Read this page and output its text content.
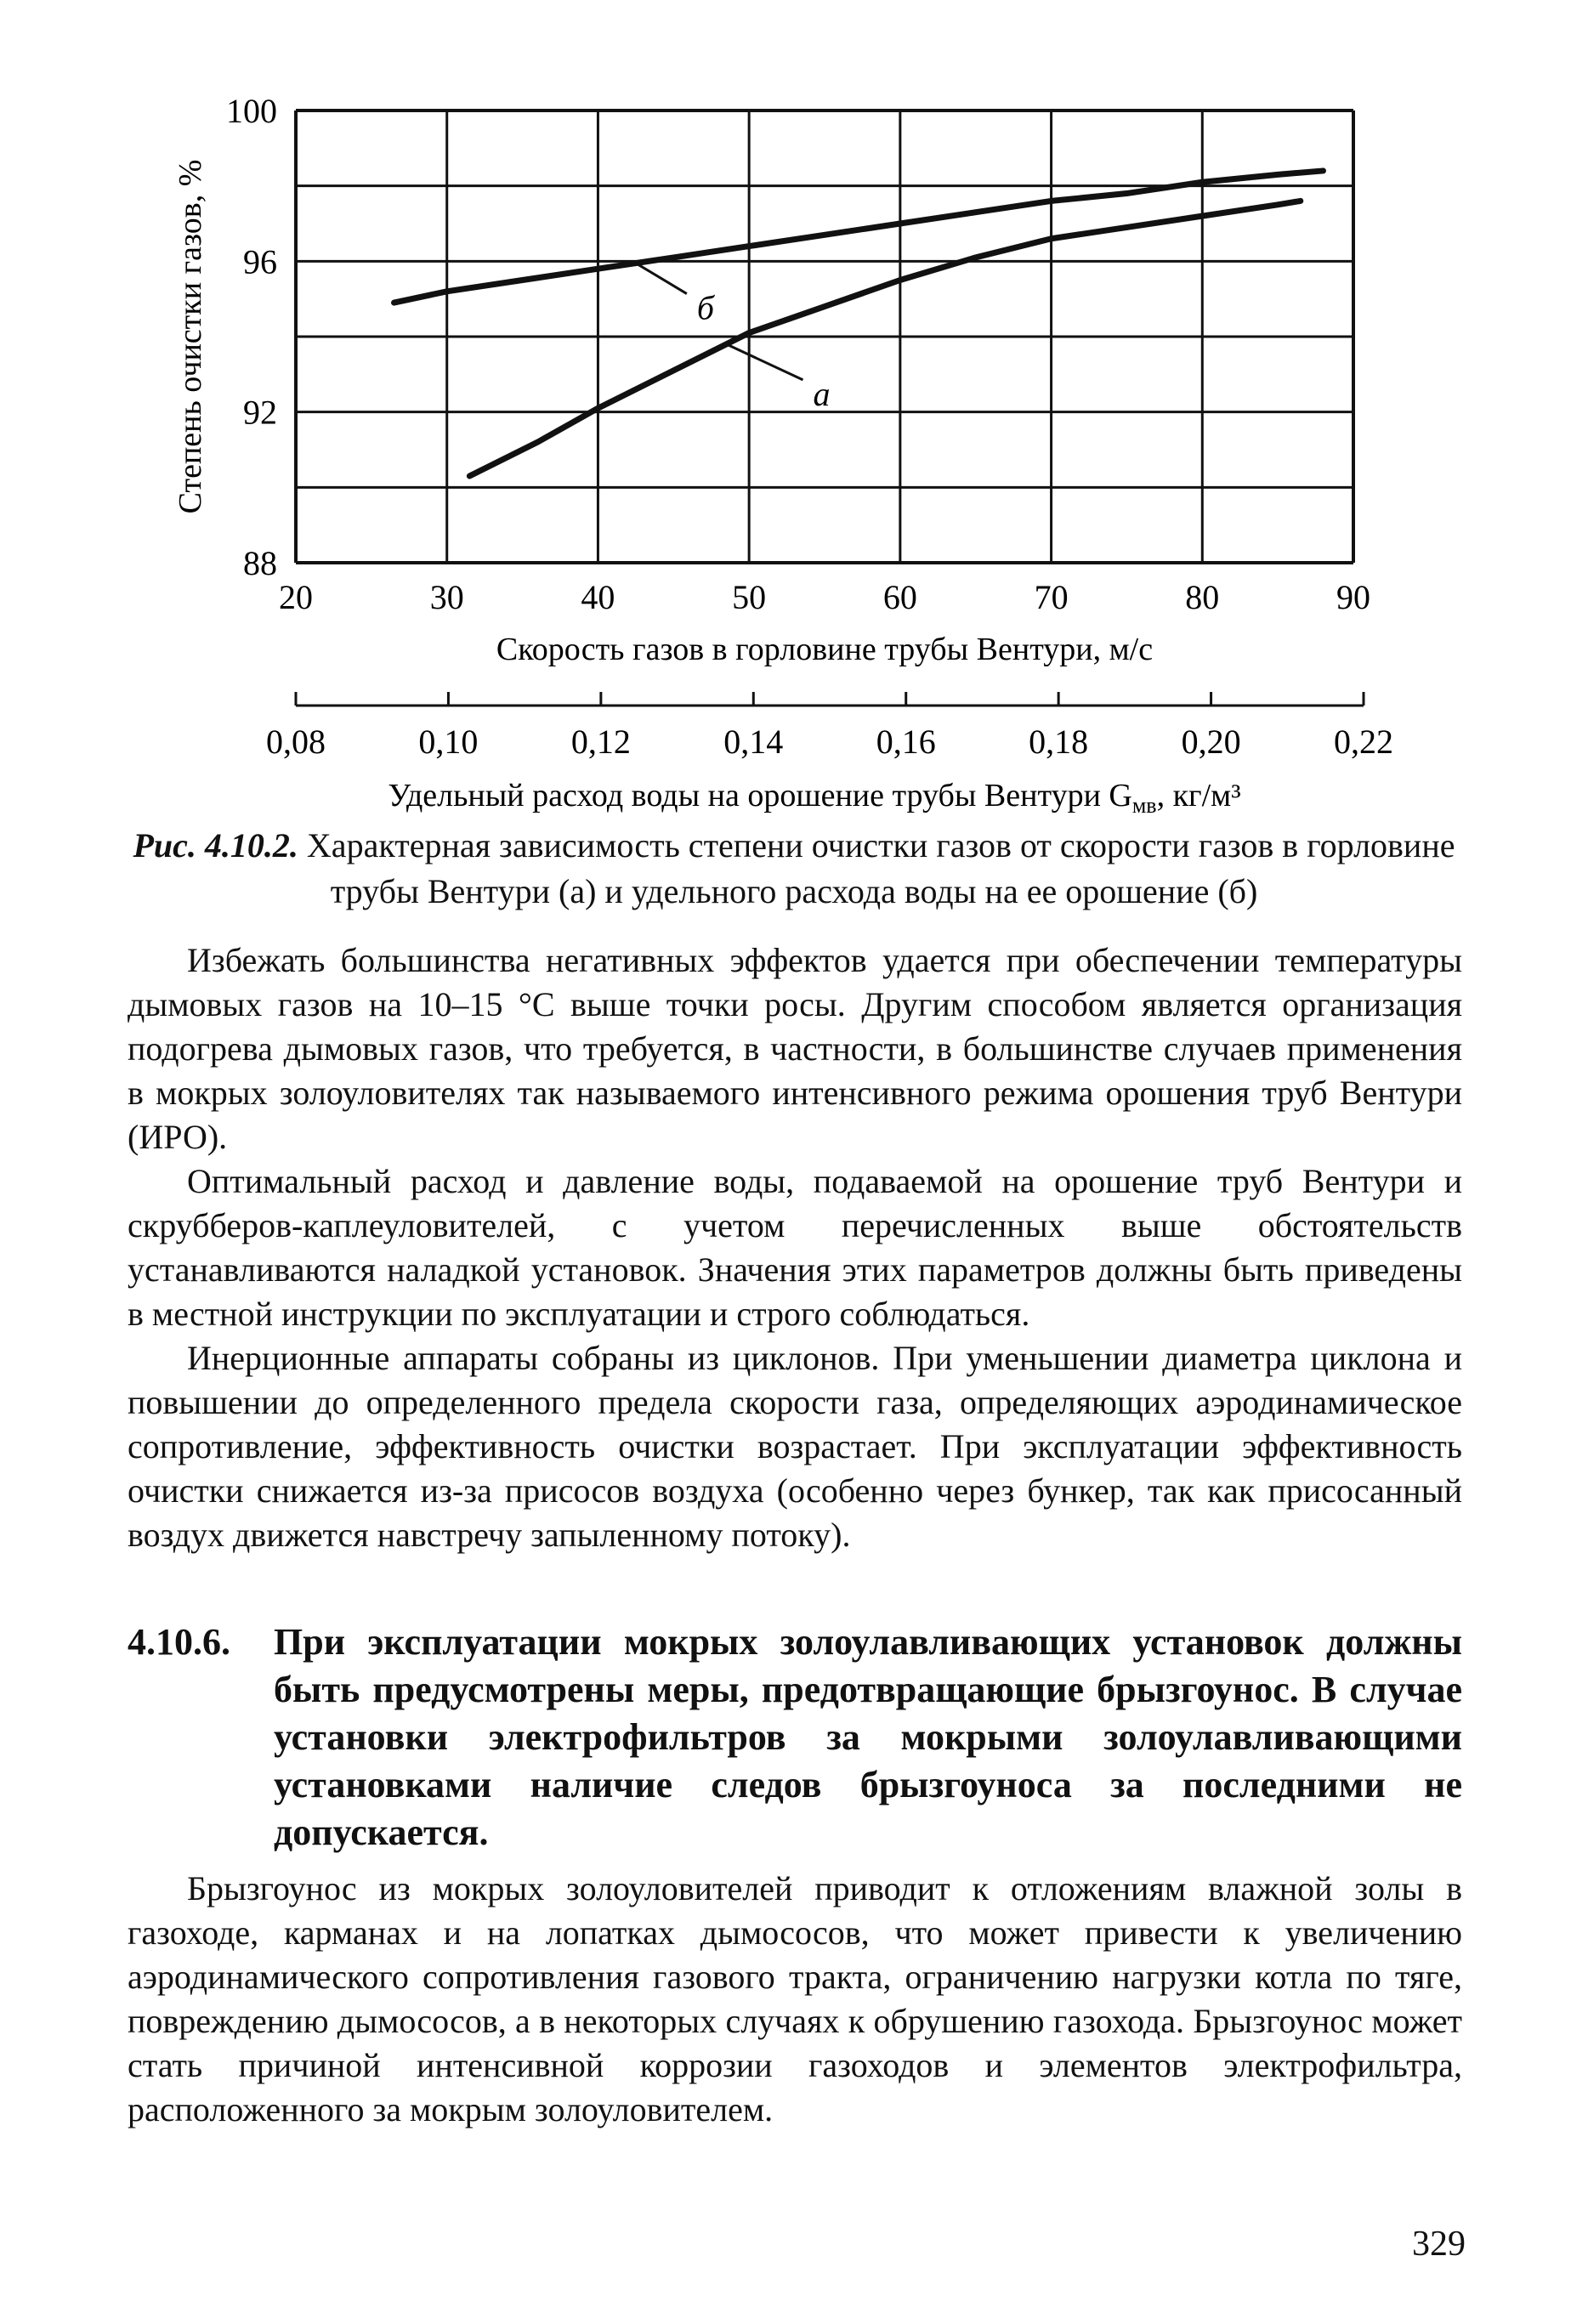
100
96
92
88
20	30	40	50	60	70	80	90
Скорость газов в горловине трубы Вентури, м/с
Степень очистки газов, %
0,08	0,10	0,12	0,14	0,16	0,18	0,20	0,22
Удельный расход воды на орошение трубы Вентури $G_{мв}$, кг/м³
б
а
Рис. 4.10.2. Характерная зависимость степени очистки газов от скорости газов в горловине трубы Вентури (а) и удельного расхода воды на ее орошение (б)

Избежать большинства негативных эффектов удается при обеспечении температуры дымовых газов на 10–15 °С выше точки росы. Другим способом является организация подогрева дымовых газов, что требуется, в частности, в большинстве случаев применения в мокрых золоуловителях так называемого интенсивного режима орошения труб Вентури (ИРО).

Оптимальный расход и давление воды, подаваемой на орошение труб Вентури и скрубберов-каплеуловителей, с учетом перечисленных выше обстоятельств устанавливаются наладкой установок. Значения этих параметров должны быть приведены в местной инструкции по эксплуатации и строго соблюдаться.

Инерционные аппараты собраны из циклонов. При уменьшении диаметра циклона и повышении до определенного предела скорости газа, определяющих аэродинамическое сопротивление, эффективность очистки возрастает. При эксплуатации эффективность очистки снижается из-за присосов воздуха (особенно через бункер, так как присосанный воздух движется навстречу запыленному потоку).

4.10.6. При эксплуатации мокрых золоулавливающих установок должны быть предусмотрены меры, предотвращающие брызгоунос. В случае установки электрофильтров за мокрыми золоулавливающими установками наличие следов брызгоуноса за последними не допускается.

Брызгоунос из мокрых золоуловителей приводит к отложениям влажной золы в газоходе, карманах и на лопатках дымососов, что может привести к увеличению аэродинамического сопротивления газового тракта, ограничению нагрузки котла по тяге, повреждению дымососов, а в некоторых случаях к обрушению газохода. Брызгоунос может стать причиной интенсивной коррозии газоходов и элементов электрофильтра, расположенного за мокрым золоуловителем.

329
